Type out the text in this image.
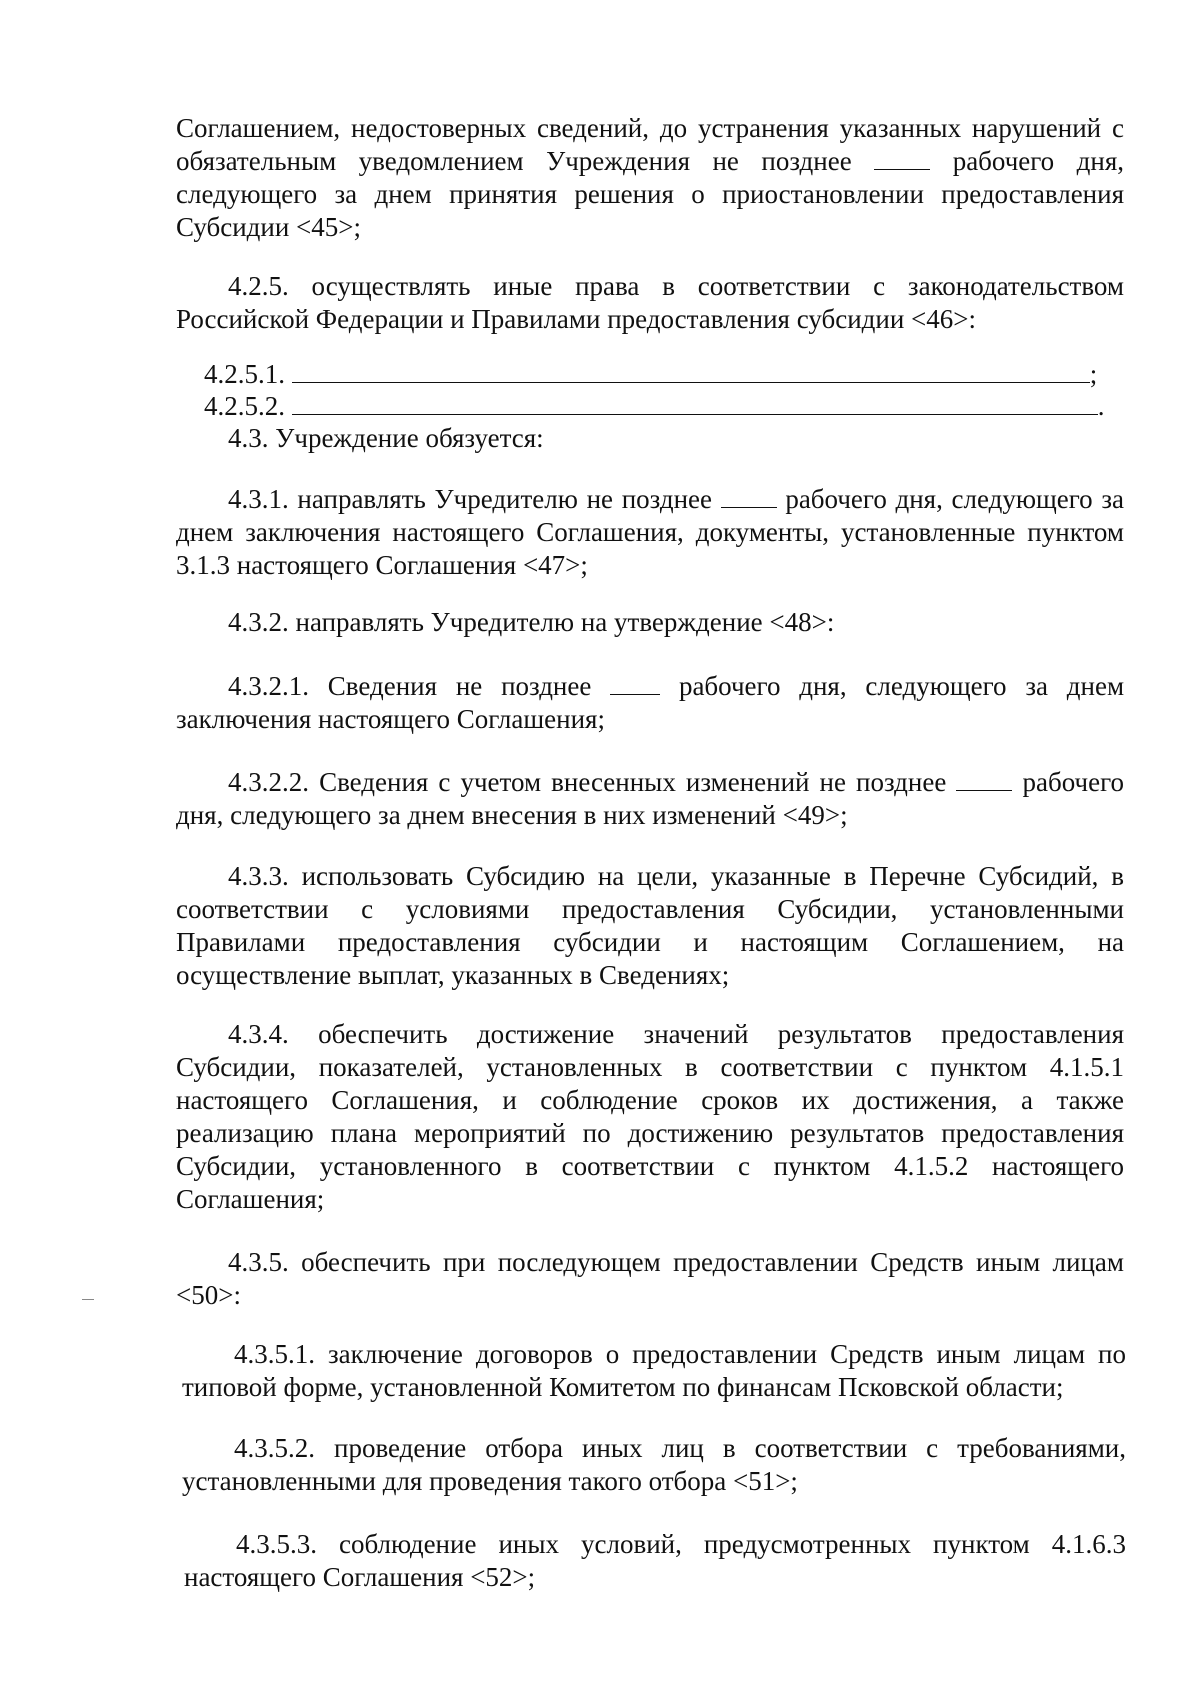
Соглашением, недостоверных сведений, до устранения указанных нарушений с обязательным уведомлением Учреждения не позднее	рабочего дня, следующего за днем принятия решения о приостановлении предоставления Субсидии <45>;
4.2.5. осуществлять иные права в соответствии с законодательством Российской Федерации и Правилами предоставления субсидии <46>:
4.2.5.1.	;
4.2.5.2.	.
4.3. Учреждение обязуется:
4.3.1. направлять Учредителю не позднее	рабочего дня, следующего за днем заключения настоящего Соглашения, документы, установленные пунктом 3.1.3 настоящего Соглашения <47>;
4.3.2. направлять Учредителю на утверждение <48>:
4.3.2.1. Сведения не позднее	рабочего дня, следующего за днем заключения настоящего Соглашения;
4.3.2.2. Сведения с учетом внесенных изменений не позднее	рабочего дня, следующего за днем внесения в них изменений <49>;
4.3.3. использовать Субсидию на цели, указанные в Перечне Субсидий, в соответствии с условиями предоставления Субсидии, установленными Правилами предоставления субсидии и настоящим Соглашением, на осуществление выплат, указанных в Сведениях;
4.3.4. обеспечить достижение значений результатов предоставления Субсидии, показателей, установленных в соответствии с пунктом 4.1.5.1 настоящего Соглашения, и соблюдение сроков их достижения, а также реализацию плана мероприятий по достижению результатов предоставления Субсидии, установленного в соответствии с пунктом 4.1.5.2 настоящего Соглашения;
4.3.5. обеспечить при последующем предоставлении Средств иным лицам <50>:
4.3.5.1. заключение договоров о предоставлении Средств иным лицам по типовой форме, установленной Комитетом по финансам Псковской области;
4.3.5.2. проведение отбора иных лиц в соответствии с требованиями, установленными для проведения такого отбора <51>;
4.3.5.3. соблюдение иных условий, предусмотренных пунктом 4.1.6.3 настоящего Соглашения <52>;
